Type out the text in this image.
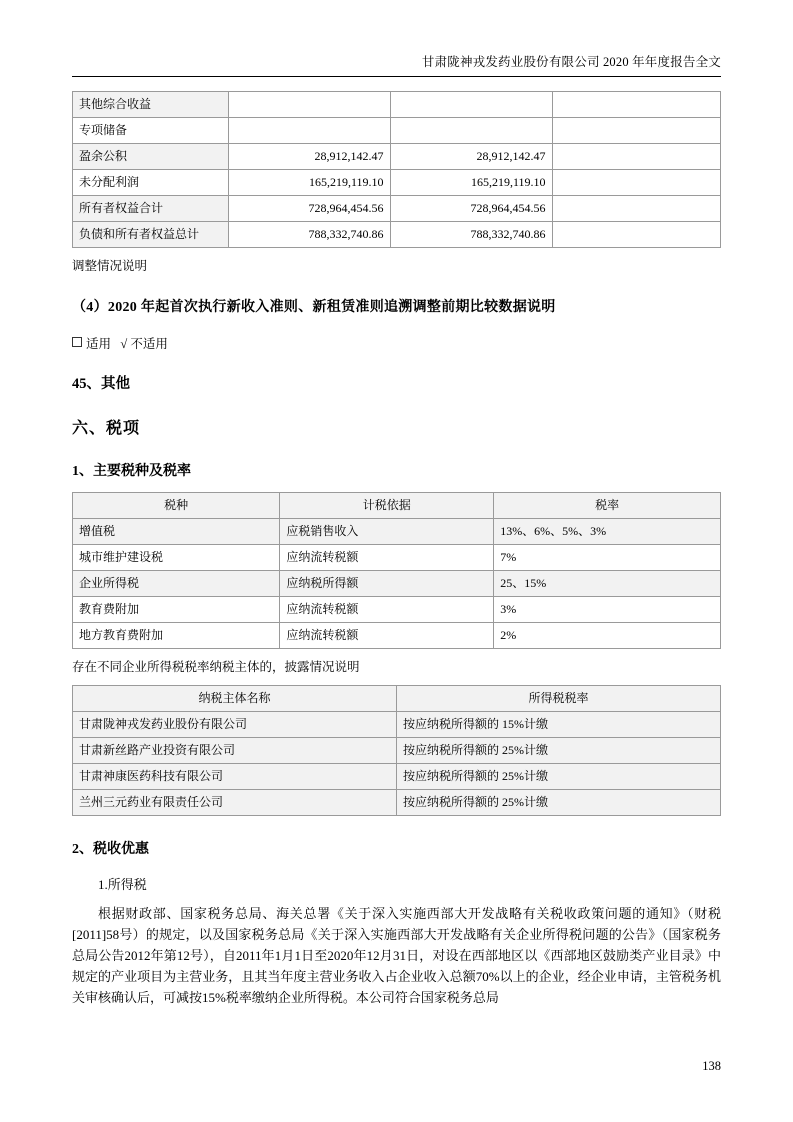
甘肃陇神戎发药业股份有限公司 2020 年年度报告全文
其他综合收益			
专项储备			
盈余公积	28,912,142.47	28,912,142.47	
未分配利润	165,219,119.10	165,219,119.10	
所有者权益合计	728,964,454.56	728,964,454.56	
负债和所有者权益总计	788,332,740.86	788,332,740.86	

调整情况说明

（4）2020 年起首次执行新收入准则、新租赁准则追溯调整前期比较数据说明

适用 √ 不适用

45、其他
六、税项
1、主要税种及税率
税种	计税依据	税率
增值税	应税销售收入	13%、6%、5%、3%
城市维护建设税	应纳流转税额	7%
企业所得税	应纳税所得额	25、15%
教育费附加	应纳流转税额	3%
地方教育费附加	应纳流转税额	2%

存在不同企业所得税税率纳税主体的，披露情况说明

纳税主体名称	所得税税率
甘肃陇神戎发药业股份有限公司	按应纳税所得额的 15%计缴
甘肃新丝路产业投资有限公司	按应纳税所得额的 25%计缴
甘肃神康医药科技有限公司	按应纳税所得额的 25%计缴
兰州三元药业有限责任公司	按应纳税所得额的 25%计缴
2、税收优惠

1.所得税

根据财政部、国家税务总局、海关总署《关于深入实施西部大开发战略有关税收政策问题的通知》（财税[2011]58号）的规定，以及国家税务总局《关于深入实施西部大开发战略有关企业所得税问题的公告》（国家税务总局公告2012年第12号），自2011年1月1日至2020年12月31日，对设在西部地区以《西部地区鼓励类产业目录》中规定的产业项目为主营业务，且其当年度主营业务收入占企业收入总额70%以上的企业，经企业申请，主管税务机关审核确认后，可减按15%税率缴纳企业所得税。本公司符合国家税务总局

138
